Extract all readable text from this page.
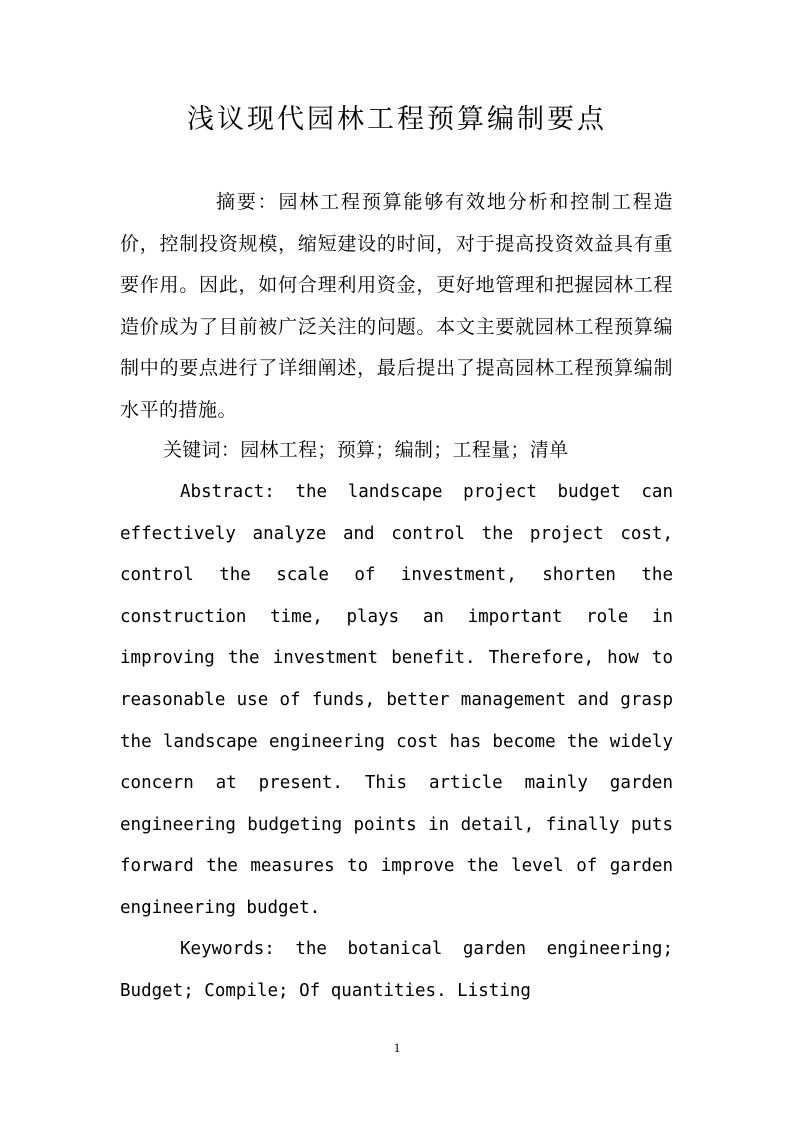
浅议现代园林工程预算编制要点

摘要：园林工程预算能够有效地分析和控制工程造价，控制投资规模，缩短建设的时间，对于提高投资效益具有重要作用。因此，如何合理利用资金，更好地管理和把握园林工程造价成为了目前被广泛关注的问题。本文主要就园林工程预算编制中的要点进行了详细阐述，最后提出了提高园林工程预算编制水平的措施。

关键词：园林工程；预算；编制；工程量；清单

Abstract: the landscape project budget can effectively analyze and control the project cost, control the scale of investment, shorten the construction time, plays an important role in improving the investment benefit. Therefore, how to reasonable use of funds, better management and grasp the landscape engineering cost has become the widely concern at present. This article mainly garden engineering budgeting points in detail, finally puts forward the measures to improve the level of garden engineering budget.

Keywords: the botanical garden engineering; Budget; Compile; Of quantities. Listing

1
